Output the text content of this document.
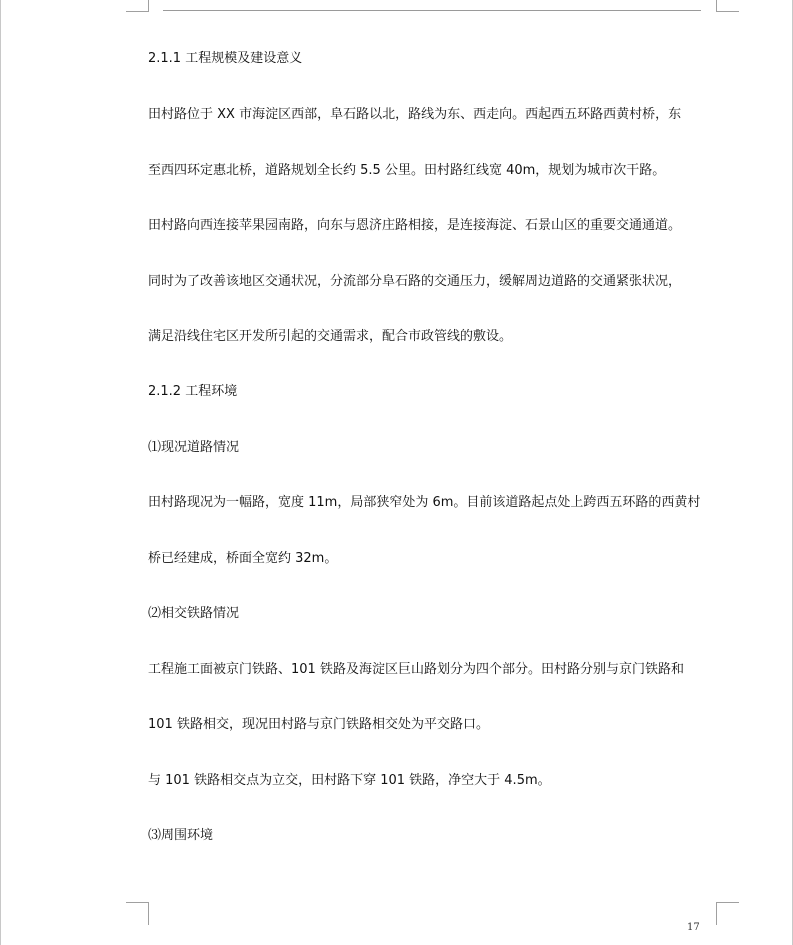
2.1.1 工程规模及建设意义
田村路位于 XX 市海淀区西部，阜石路以北，路线为东、西走向。西起西五环路西黄村桥，东
至西四环定惠北桥，道路规划全长约 5.5 公里。田村路红线宽 40m，规划为城市次干路。
田村路向西连接苹果园南路，向东与恩济庄路相接，是连接海淀、石景山区的重要交通通道。
同时为了改善该地区交通状况，分流部分阜石路的交通压力，缓解周边道路的交通紧张状况，
满足沿线住宅区开发所引起的交通需求，配合市政管线的敷设。
2.1.2 工程环境
⑴现况道路情况
田村路现况为一幅路，宽度 11m，局部狭窄处为 6m。目前该道路起点处上跨西五环路的西黄村
桥已经建成，桥面全宽约 32m。
⑵相交铁路情况
工程施工面被京门铁路、101 铁路及海淀区巨山路划分为四个部分。田村路分别与京门铁路和
101 铁路相交，现况田村路与京门铁路相交处为平交路口。
与 101 铁路相交点为立交，田村路下穿 101 铁路，净空大于 4.5m。
⑶周围环境
17
